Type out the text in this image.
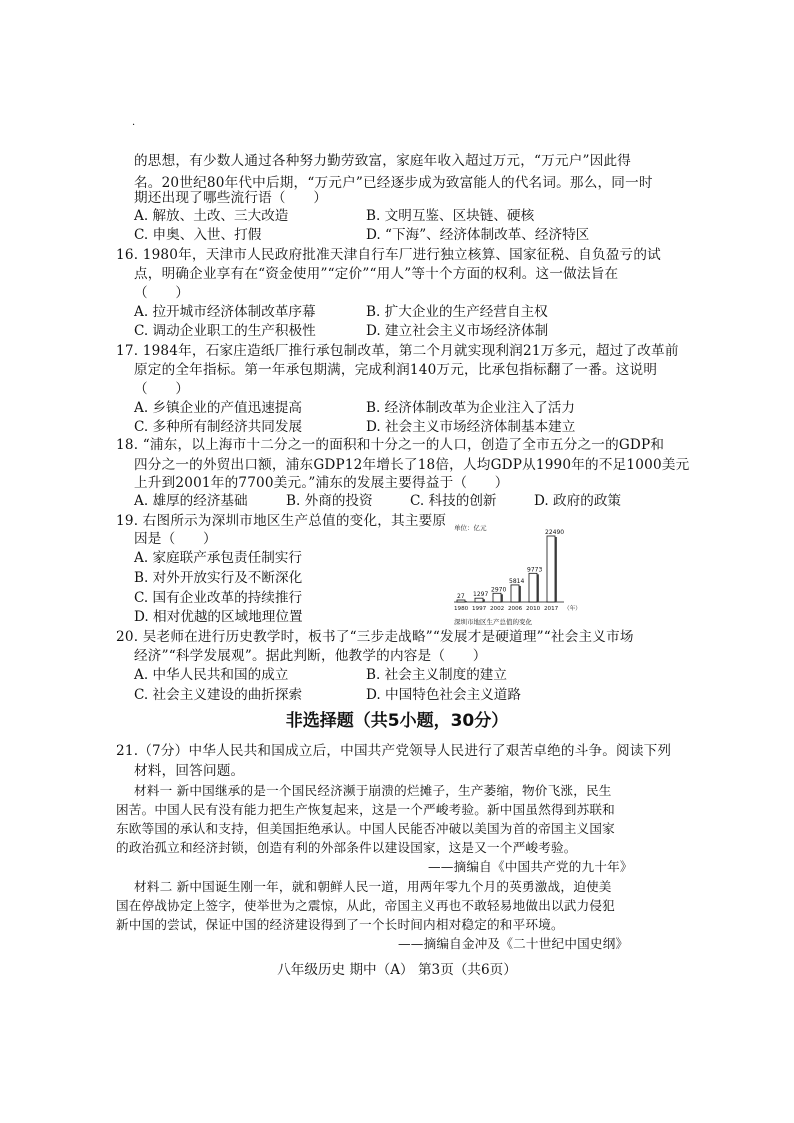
·
的思想，有少数人通过各种努力勤劳致富，家庭年收入超过万元，“万元户”因此得
名。20世纪80年代中后期，“万元户”已经逐步成为致富能人的代名词。那么，同一时
期还出现了哪些流行语（　　）
A. 解放、土改、三大改造	B. 文明互鉴、区块链、硬核
C. 申奥、入世、打假	D. “下海”、经济体制改革、经济特区
16. 1980年，天津市人民政府批准天津自行车厂进行独立核算、国家征税、自负盈亏的试
点，明确企业享有在“资金使用”“定价”“用人”等十个方面的权利。这一做法旨在
（　　）
A. 拉开城市经济体制改革序幕	B. 扩大企业的生产经营自主权
C. 调动企业职工的生产积极性	D. 建立社会主义市场经济体制
17. 1984年，石家庄造纸厂推行承包制改革，第二个月就实现利润21万多元，超过了改革前
原定的全年指标。第一年承包期满，完成利润140万元，比承包指标翻了一番。这说明
（　　）
A. 乡镇企业的产值迅速提高	B. 经济体制改革为企业注入了活力
C. 多种所有制经济共同发展	D. 社会主义市场经济体制基本建立
18. “浦东，以上海市十二分之一的面积和十分之一的人口，创造了全市五分之一的GDP和
四分之一的外贸出口额，浦东GDP12年增长了18倍，人均GDP从1990年的不足1000美元
上升到2001年的7700美元。”浦东的发展主要得益于（　　）
A. 雄厚的经济基础	B. 外商的投资	C. 科技的创新	D. 政府的政策
19. 右图所示为深圳市地区生产总值的变化，其主要原
因是（　　）
A. 家庭联产承包责任制实行
B. 对外开放实行及不断深化
C. 国有企业改革的持续推行
D. 相对优越的区域地理位置
单位：亿元
27
1980
1297
1997
2970
2002
5814
2006
9773
2010
22490
2017 （年）
深圳市地区生产总值的变化
20. 吴老师在进行历史教学时，板书了“三步走战略”“发展才是硬道理”“社会主义市场
经济”“科学发展观”。据此判断，他教学的内容是（　　）
A. 中华人民共和国的成立	B. 社会主义制度的建立
C. 社会主义建设的曲折探索	D. 中国特色社会主义道路
非选择题（共5小题，30分）
21.（7分）中华人民共和国成立后，中国共产党领导人民进行了艰苦卓绝的斗争。阅读下列
材料，回答问题。
材料一 新中国继承的是一个国民经济濒于崩溃的烂摊子，生产萎缩，物价飞涨，民生
困苦。中国人民有没有能力把生产恢复起来，这是一个严峻考验。新中国虽然得到苏联和
东欧等国的承认和支持，但美国拒绝承认。中国人民能否冲破以美国为首的帝国主义国家
的政治孤立和经济封锁，创造有利的外部条件以建设国家，这是又一个严峻考验。
——摘编自《中国共产党的九十年》
材料二 新中国诞生刚一年，就和朝鲜人民一道，用两年零九个月的英勇激战，迫使美
国在停战协定上签字，使举世为之震惊，从此，帝国主义再也不敢轻易地做出以武力侵犯
新中国的尝试，保证中国的经济建设得到了一个长时间内相对稳定的和平环境。
——摘编自金冲及《二十世纪中国史纲》
八年级历史 期中（A） 第3页（共6页）
